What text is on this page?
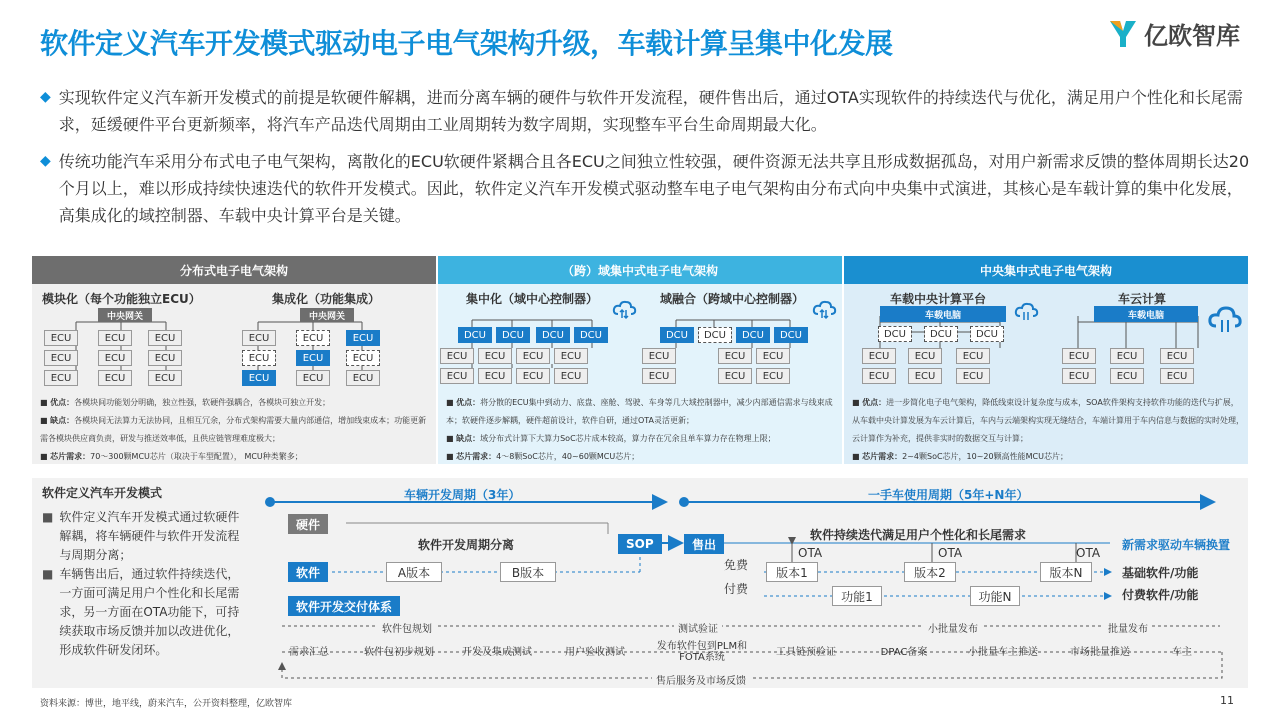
软件定义汽车开发模式驱动电子电气架构升级，车载计算呈集中化发展	亿欧智库
◆ 实现软件定义汽车新开发模式的前提是软硬件解耦，进而分离车辆的硬件与软件开发流程，硬件售出后，通过OTA实现软件的持续迭代与优化，满足用户个性化和长尾需求，延缓硬件平台更新频率，将汽车产品迭代周期由工业周期转为数字周期，实现整车平台生命周期最大化。
◆ 传统功能汽车采用分布式电子电气架构，离散化的ECU软硬件紧耦合且各ECU之间独立性较强，硬件资源无法共享且形成数据孤岛，对用户新需求反馈的整体周期长达20个月以上，难以形成持续快速迭代的软件开发模式。因此，软件定义汽车开发模式驱动整车电子电气架构由分布式向中央集中式演进，其核心是车载计算的集中化发展，高集成化的域控制器、车载中央计算平台是关键。
分布式电子电气架构	（跨）域集中式电子电气架构	中央集中式电子电气架构
模块化（每个功能独立ECU）	集成化（功能集成）
中央网关	中央网关
ECU	ECU	ECU
ECU	ECU	ECU
ECU	ECU	ECU
ECU	ECU	ECU
ECU	ECU	ECU
ECU	ECU	ECU
■ 优点：各模块间功能划分明确，独立性强，软硬件强耦合，各模块可独立开发；
■ 缺点：各模块间无法算力无法协同，且相互冗余，分布式架构需要大量内部通信，增加线束成本；功能更新需各模块供应商负责，研发与推送效率低，且供应链管理难度极大；
■ 芯片需求：70～300颗MCU芯片（取决于车型配置）， MCU种类繁多；
集中化（域中心控制器）	域融合（跨域中心控制器）
DCU	DCU	DCU	DCU
ECU	ECU	ECU	ECU
ECU	ECU	ECU	ECU
DCU	DCU	DCU	DCU
ECU	ECU	ECU
ECU	ECU	ECU
■ 优点：将分散的ECU集中到动力、底盘、座舱、驾驶、车身等几大域控制器中，减少内部通信需求与线束成本；软硬件逐步解耦，硬件超前设计，软件自研，通过OTA灵活更新；
■ 缺点：域分布式计算下大算力SoC芯片成本较高，算力存在冗余且单车算力存在物理上限；
■ 芯片需求：4～8颗SoC芯片，40~60颗MCU芯片；
车载中央计算平台	车云计算
车载电脑	车载电脑
DCU	DCU	DCU
ECU	ECU	ECU
ECU	ECU	ECU
ECU	ECU	ECU
ECU	ECU	ECU
■ 优点：进一步简化电子电气架构，降低线束设计复杂度与成本，SOA软件架构支持软件功能的迭代与扩展，从车载中央计算发展为车云计算后，车内与云端架构实现无缝结合，车端计算用于车内信息与数据的实时处理，云计算作为补充，提供非实时的数据交互与计算；
■ 芯片需求：2~4颗SoC芯片，10~20颗高性能MCU芯片；
软件定义汽车开发模式
■ 软件定义汽车开发模式通过软硬件解耦，将车辆硬件与软件开发流程与周期分离；
■ 车辆售出后，通过软件持续迭代，一方面可满足用户个性化和长尾需求，另一方面在OTA功能下，可持续获取市场反馈并加以改进优化，形成软件研发闭环。
车辆开发周期（3年）	一手车使用周期（5年+N年）
硬件
软件开发周期分离	SOP	售出
软件持续迭代满足用户个性化和长尾需求
新需求驱动车辆换置
软件	A版本	B版本
免费
付费
OTA	OTA	OTA
版本1	版本2	版本N
功能1	功能N
基础软件/功能
付费软件/功能
软件开发交付体系
软件包规划	测试验证	小批量发布	批量发布
需求汇总	软件包初步规划	开发及集成测试	用户验收测试	发布软件包到PLM和FOTA系统	工具链预验证	DPAC备案	小批量车主推送	市场批量推送	车主
售后服务及市场反馈
资料来源：博世，地平线，蔚来汽车，公开资料整理，亿欧智库	11
